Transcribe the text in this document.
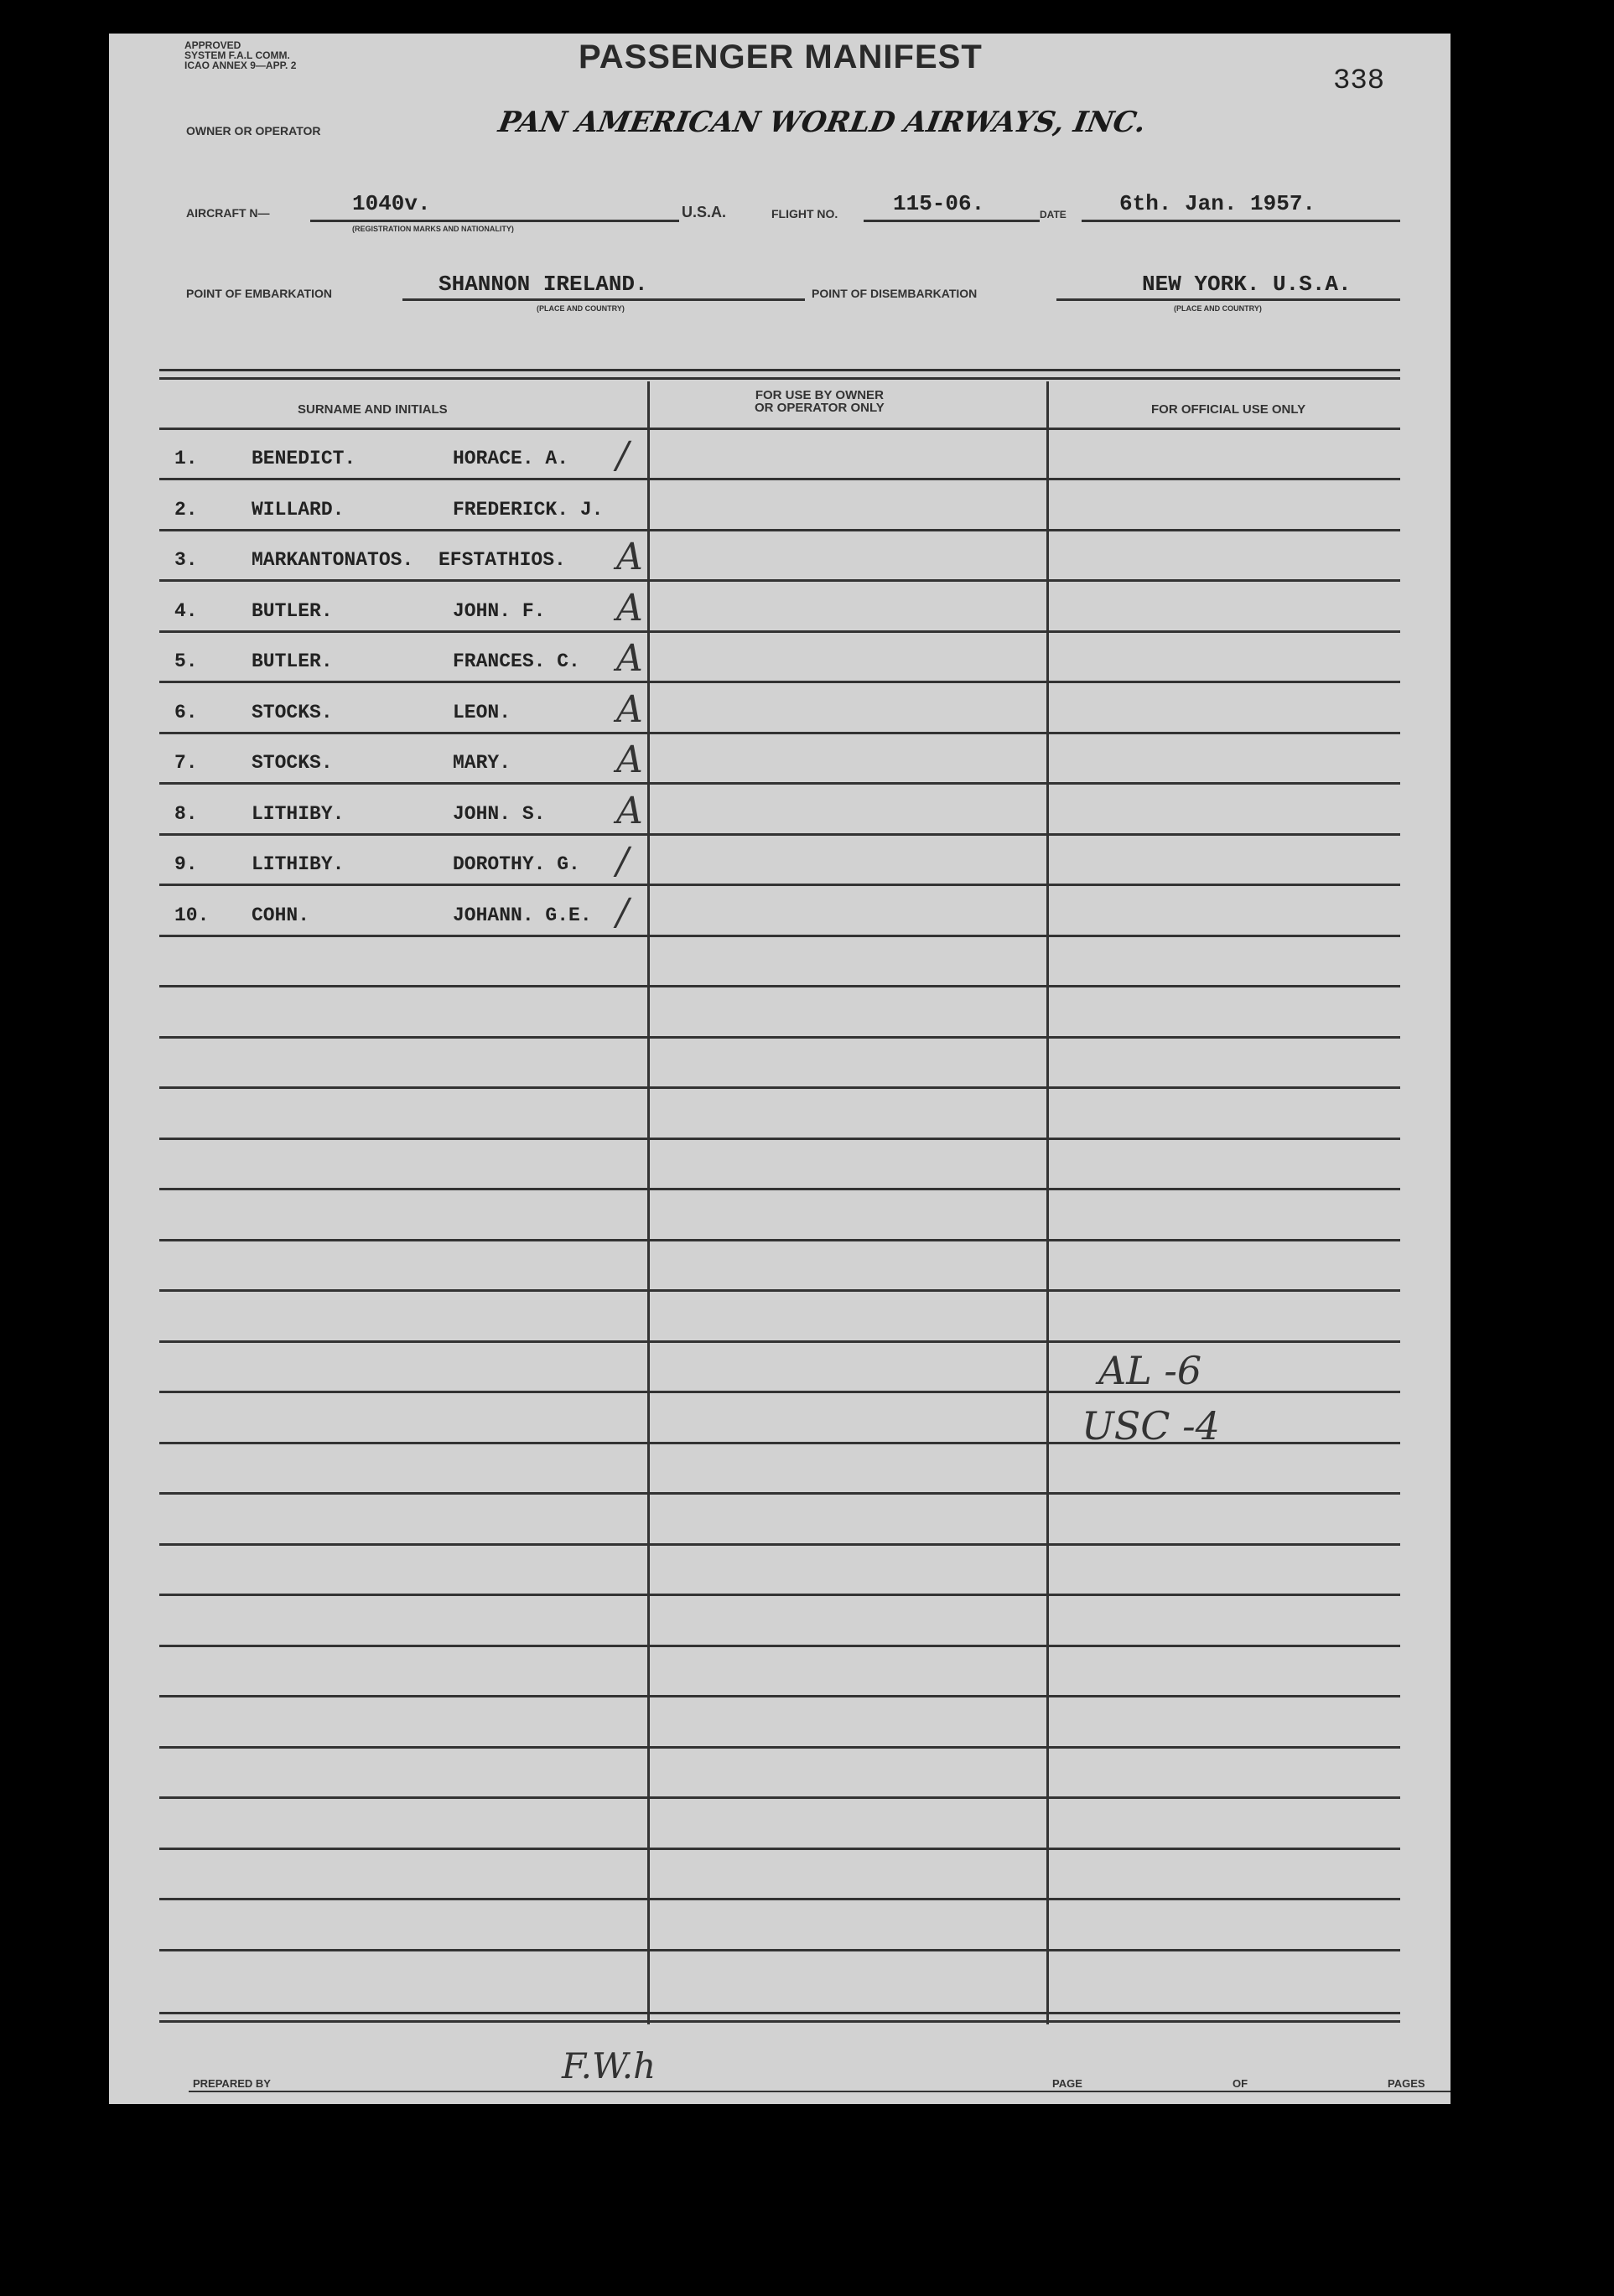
APPROVED
SYSTEM F.A.L COMM.
ICAO ANNEX 9—APP. 2	PASSENGER MANIFEST
338
OWNER OR OPERATOR	PAN AMERICAN WORLD AIRWAYS, INC.
AIRCRAFT N—	1040v.
(REGISTRATION MARKS AND NATIONALITY)
U.S.A.	FLIGHT NO.	115-06.	DATE 6th. Jan. 1957.
POINT OF EMBARKATION	SHANNON IRELAND.
(PLACE AND COUNTRY)
POINT OF DISEMBARKATION	NEW YORK. U.S.A.
(PLACE AND COUNTRY)
SURNAME AND INITIALS
FOR USE BY OWNER
OR OPERATOR ONLY	FOR OFFICIAL USE ONLY
1.	BENEDICT.	HORACE. A. /
2.	WILLARD.	FREDERICK. J.
3.	MARKANTONATOS. EFSTATHIOS. A
4.	BUTLER.	JOHN. F. A
5.	BUTLER.	FRANCES. C. A
6.	STOCKS.	LEON.	A
7.	STOCKS.	MARY.	A
8.	LITHIBY.	JOHN. S. A
9.	LITHIBY.	DOROTHY. G. /
10. COHN.	JOHANN. G.E. /
AL -6
USC -4
PREPARED BY	F.W.h	PAGE	OF	PAGES
